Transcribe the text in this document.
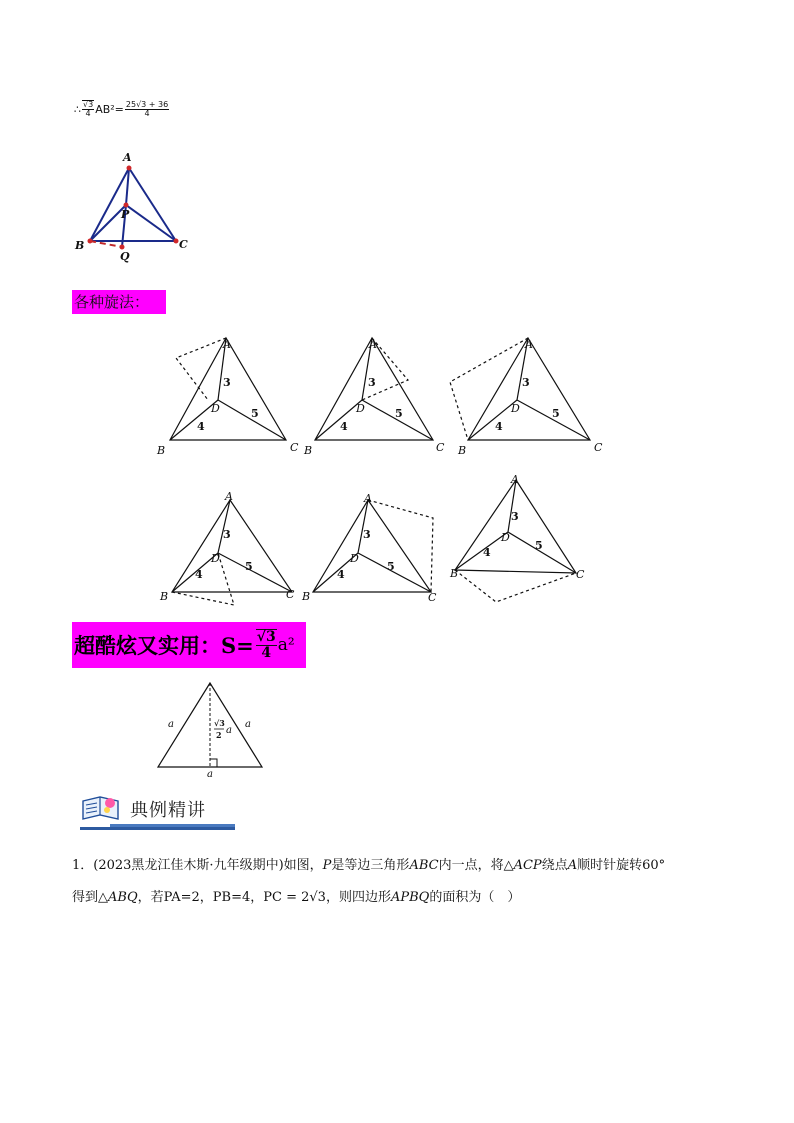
∴ $\frac{√3}{4} AB^2= \frac{25√3 + 36}{4}$
A
P
B	C
Q
各种旋法：
A
B	C
D
A
B	C
D
A
B	C
D
3
4
5
3
4
5
3
4
5
A
B	C
D
A
B	C
D
A
B	C
D
3
4
5
3
4
5
3
4
5
超酷炫又实用：$S= \frac{√3}{4} a^2$
a	a
a
a
√3
2
典例精讲
1．(2023黑龙江佳木斯·九年级期中)如图，P是等边三角形ABC内一点，将△ACP绕点A顺时针旋转60°
得到△ABQ，若PA=2，PB=4，PC = 2√3，则四边形APBQ的面积为（　）
